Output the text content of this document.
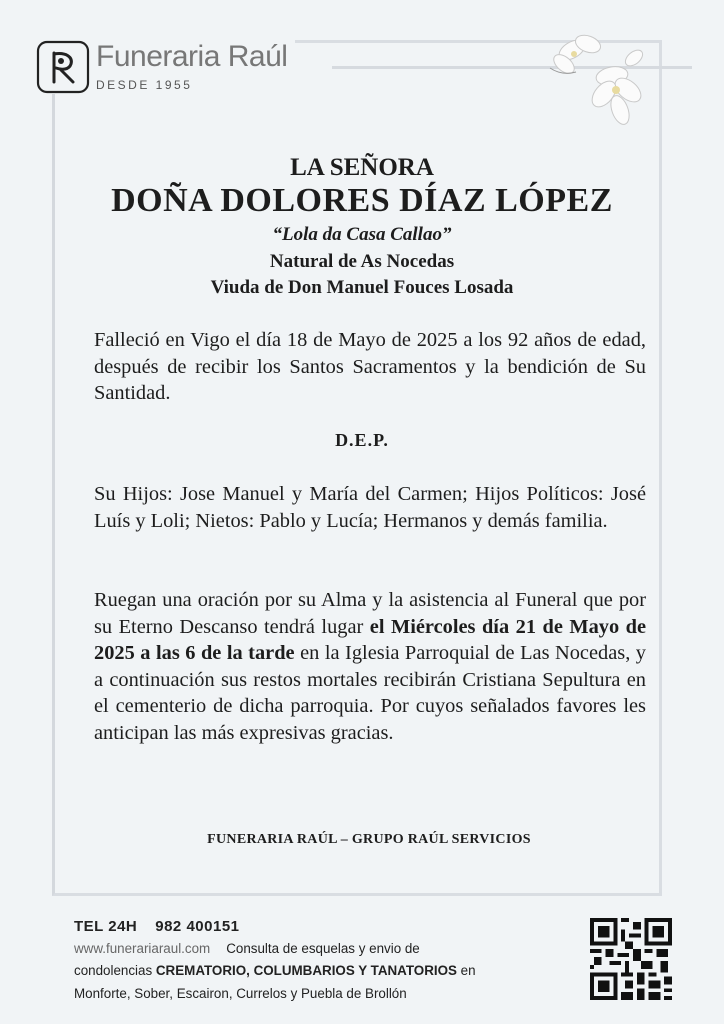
Funeraria Raúl
DESDE 1955
LA SEÑORA
DOÑA DOLORES DÍAZ LÓPEZ
“Lola da Casa Callao”
Natural de As Nocedas
Viuda de Don Manuel Fouces Losada
Falleció en Vigo el día 18 de Mayo de 2025 a los 92 años de edad, después de recibir los Santos Sacramentos y la bendición de Su Santidad.
D.E.P.
Su Hijos: Jose Manuel y María del Carmen; Hijos Políticos: José Luís y Loli; Nietos: Pablo y Lucía; Hermanos y demás familia.
Ruegan una oración por su Alma y la asistencia al Funeral que por su Eterno Descanso tendrá lugar el Miércoles día 21 de Mayo de 2025 a las 6 de la tarde en la Iglesia Parroquial de Las Nocedas, y a continuación sus restos mortales recibirán Cristiana Sepultura en el cementerio de dicha parroquia. Por cuyos señalados favores les anticipan las más expresivas gracias.
FUNERARIA RAÚL – GRUPO RAÚL SERVICIOS
TEL 24H 982 400151
www.funerariaraul.com Consulta de esquelas y envio de
condolencias CREMATORIO, COLUMBARIOS Y TANATORIOS en
Monforte, Sober, Escairon, Currelos y Puebla de Brollón
